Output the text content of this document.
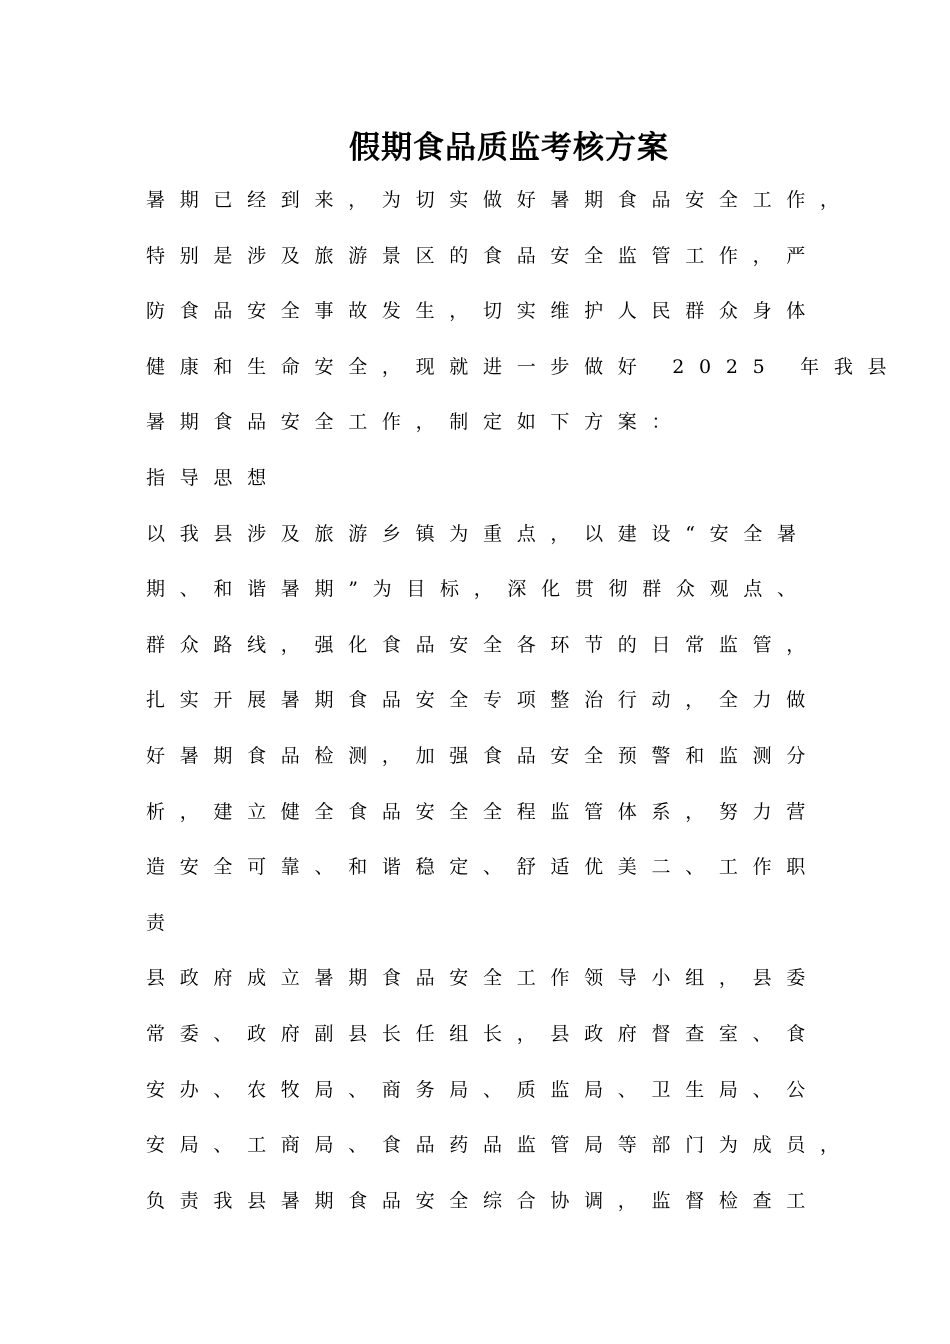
假期食品质监考核方案
暑期已经到来，为切实做好暑期食品安全工作，
特别是涉及旅游景区的食品安全监管工作，严
防食品安全事故发生，切实维护人民群众身体
健康和生命安全，现就进一步做好 2025 年我县
暑期食品安全工作，制定如下方案：
指导思想
以我县涉及旅游乡镇为重点，以建设“安全暑
期、和谐暑期”为目标，深化贯彻群众观点、
群众路线，强化食品安全各环节的日常监管，
扎实开展暑期食品安全专项整治行动，全力做
好暑期食品检测，加强食品安全预警和监测分
析，建立健全食品安全全程监管体系，努力营
造安全可靠、和谐稳定、舒适优美二、工作职
责
县政府成立暑期食品安全工作领导小组，县委
常委、政府副县长任组长，县政府督查室、食
安办、农牧局、商务局、质监局、卫生局、公
安局、工商局、食品药品监管局等部门为成员，
负责我县暑期食品安全综合协调，监督检查工
